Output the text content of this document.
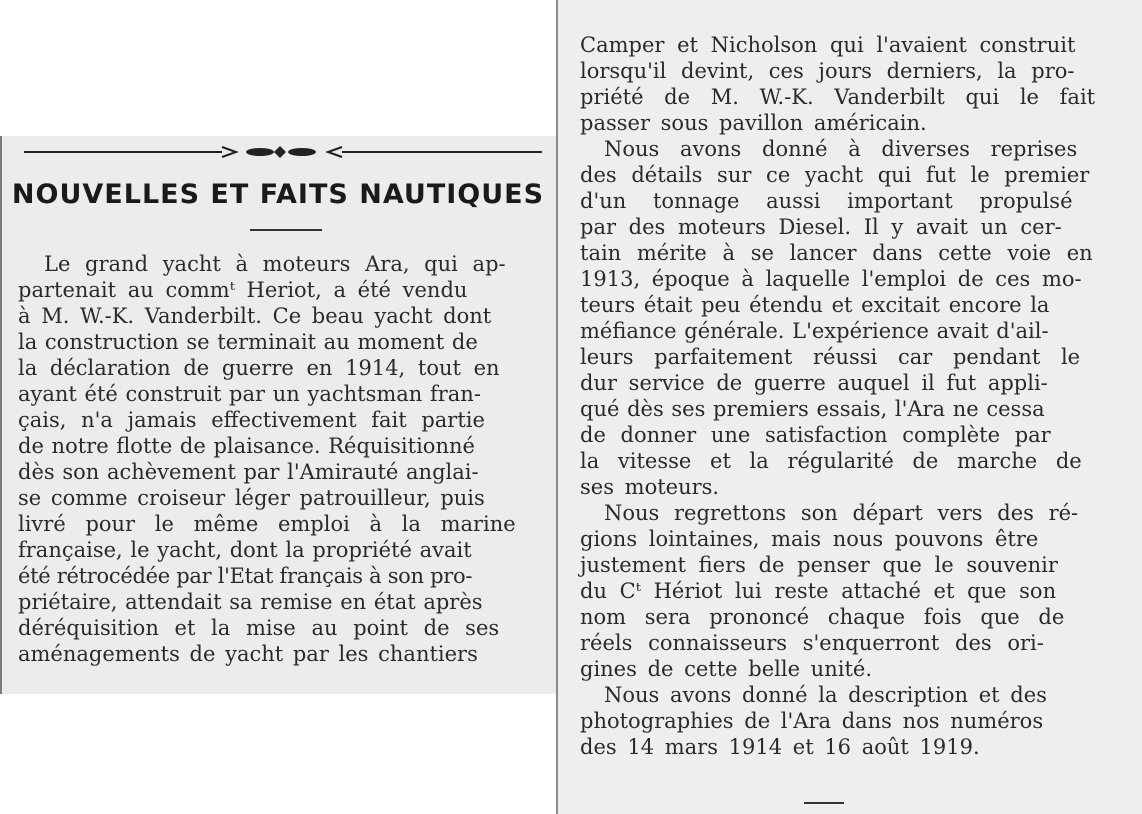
NOUVELLES ET FAITS NAUTIQUES
Le grand yacht à moteurs Ara, qui ap-
partenait au commᵗ Heriot, a été vendu
à M. W.-K. Vanderbilt. Ce beau yacht dont
la construction se terminait au moment de
la déclaration de guerre en 1914, tout en
ayant été construit par un yachtsman fran-
çais, n'a jamais effectivement fait partie
de notre flotte de plaisance. Réquisitionné
dès son achèvement par l'Amirauté anglai-
se comme croiseur léger patrouilleur, puis
livré pour le même emploi à la marine
française, le yacht, dont la propriété avait
été rétrocédée par l'Etat français à son pro-
priétaire, attendait sa remise en état après
déréquisition et la mise au point de ses
aménagements de yacht par les chantiers
Camper et Nicholson qui l'avaient construit
lorsqu'il devint, ces jours derniers, la pro-
priété de M. W.-K. Vanderbilt qui le fait
passer sous pavillon américain.
Nous avons donné à diverses reprises
des détails sur ce yacht qui fut le premier
d'un tonnage aussi important propulsé
par des moteurs Diesel. Il y avait un cer-
tain mérite à se lancer dans cette voie en
1913, époque à laquelle l'emploi de ces mo-
teurs était peu étendu et excitait encore la
méfiance générale. L'expérience avait d'ail-
leurs parfaitement réussi car pendant le
dur service de guerre auquel il fut appli-
qué dès ses premiers essais, l'Ara ne cessa
de donner une satisfaction complète par
la vitesse et la régularité de marche de
ses moteurs.
Nous regrettons son départ vers des ré-
gions lointaines, mais nous pouvons être
justement fiers de penser que le souvenir
du Cᵗ Hériot lui reste attaché et que son
nom sera prononcé chaque fois que de
réels connaisseurs s'enquerront des ori-
gines de cette belle unité.
Nous avons donné la description et des
photographies de l'Ara dans nos numéros
des 14 mars 1914 et 16 août 1919.
